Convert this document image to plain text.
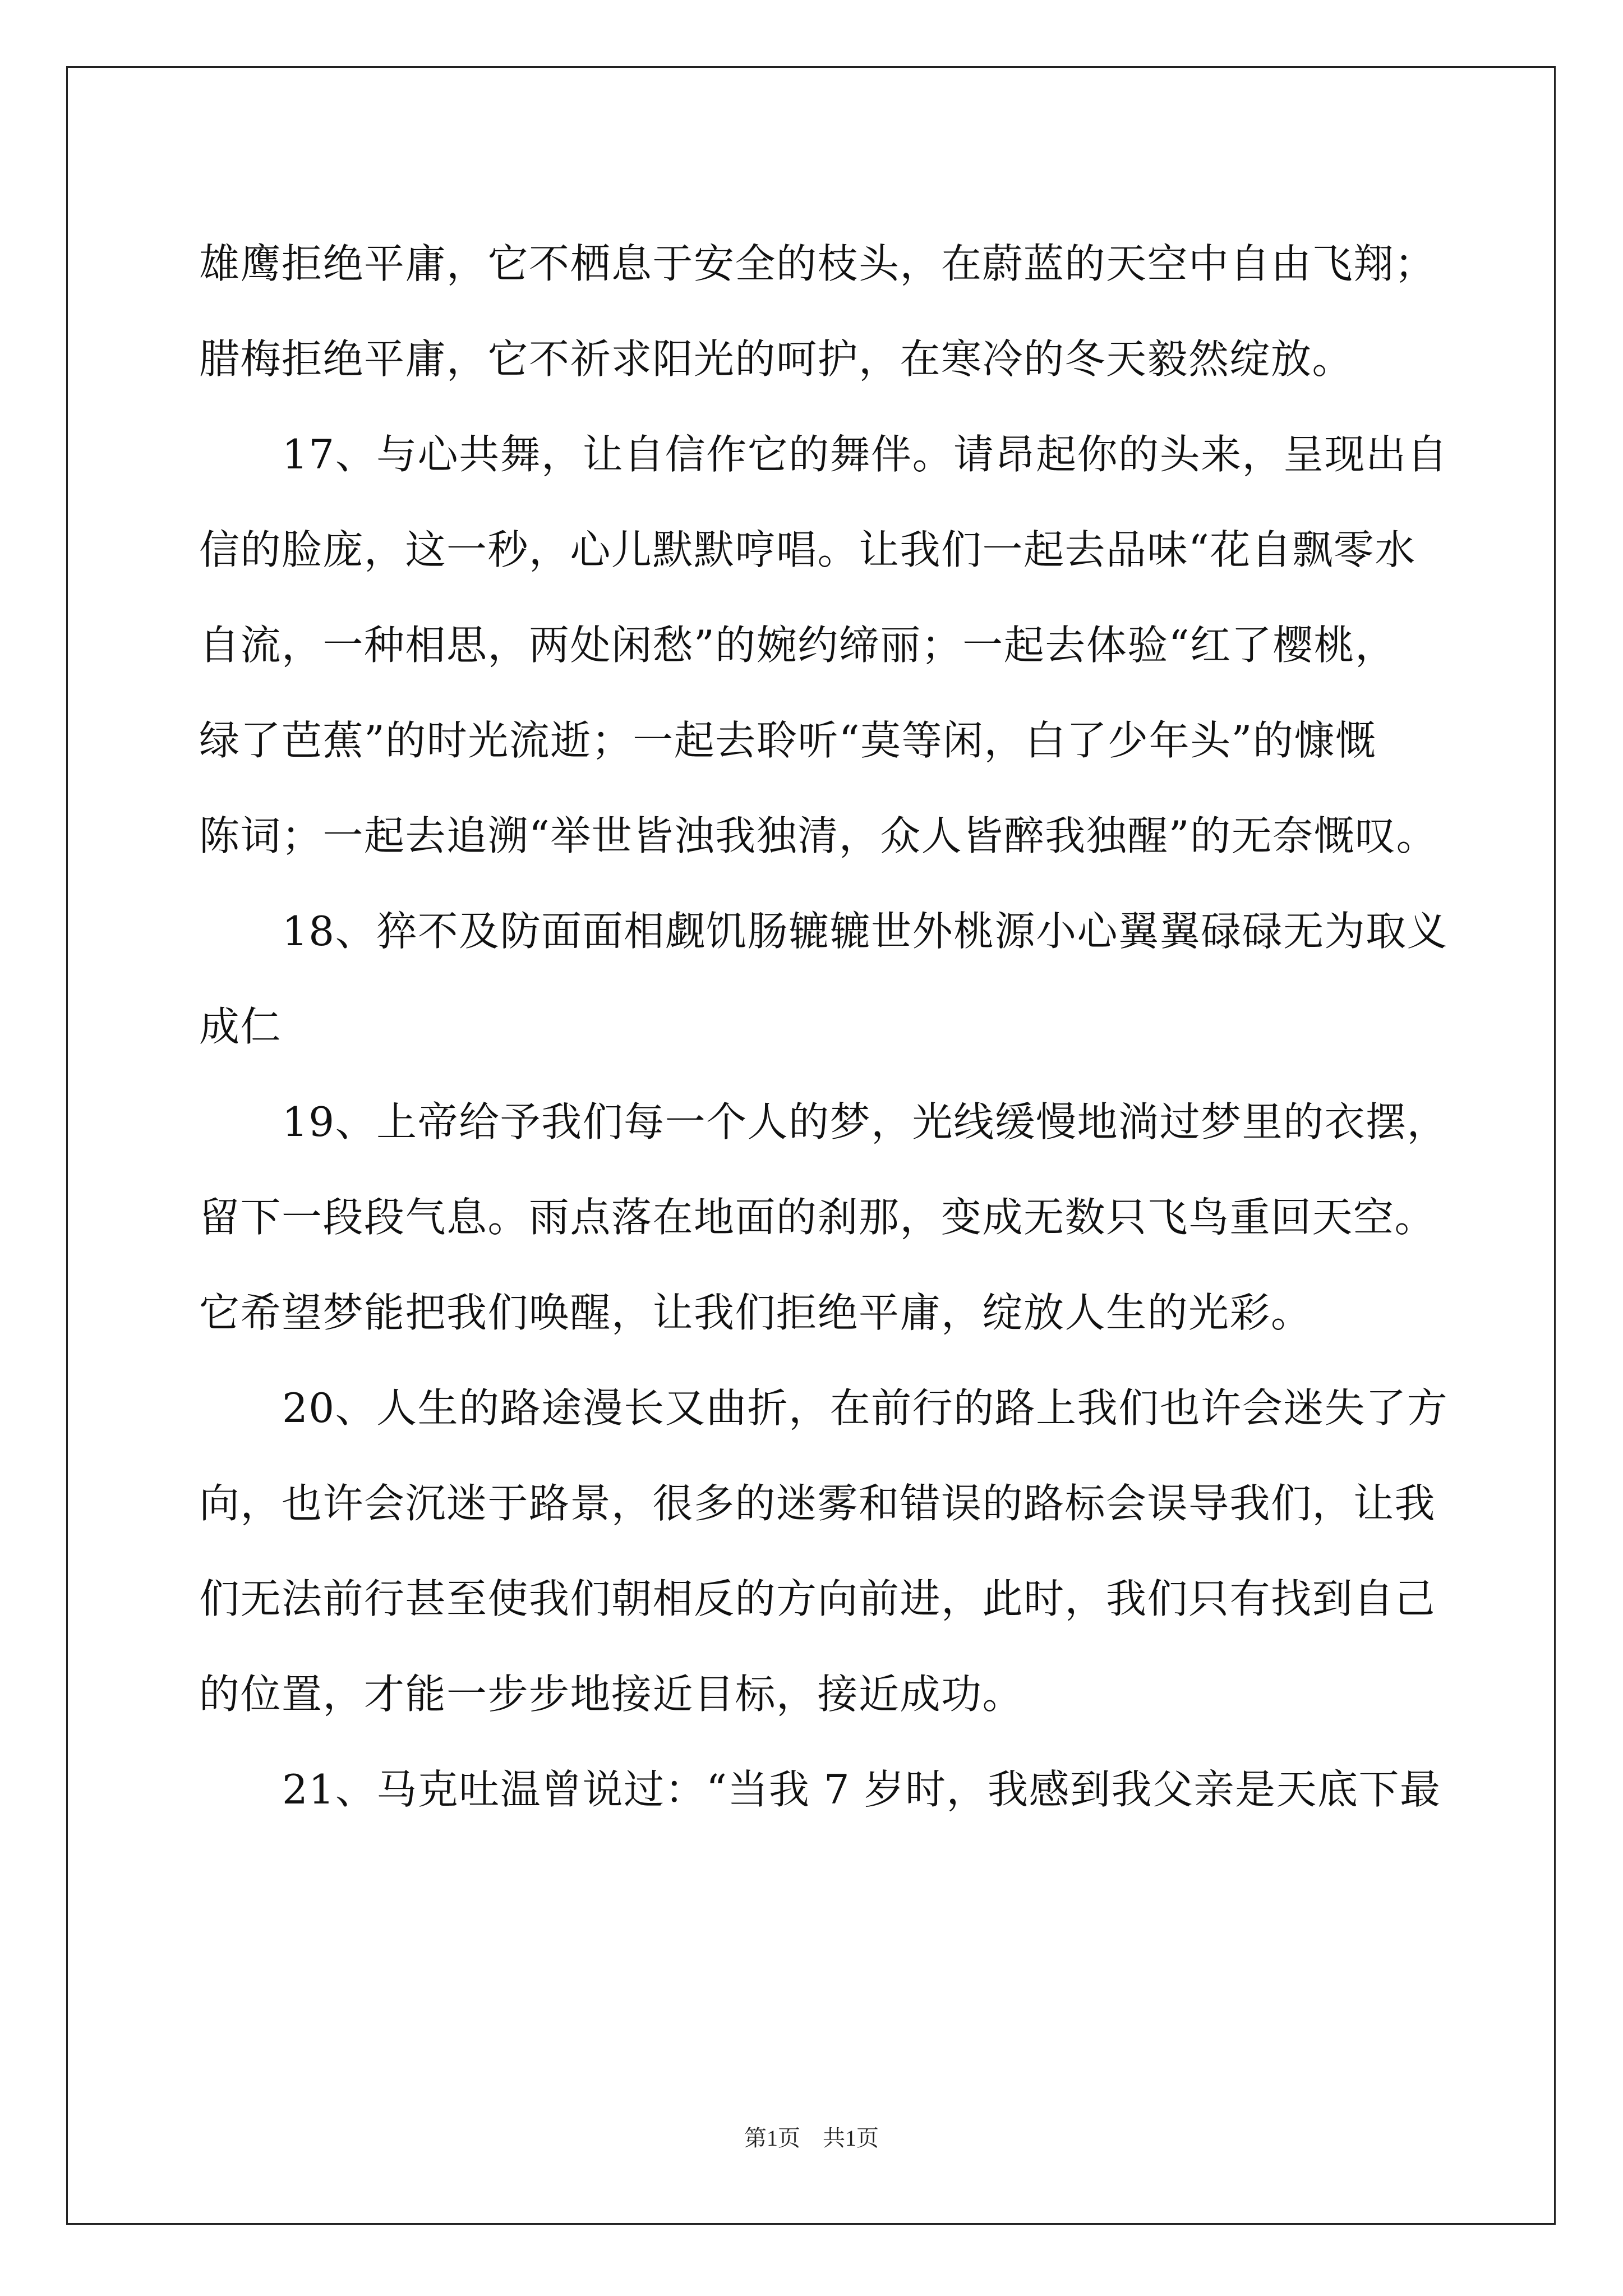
雄鹰拒绝平庸，它不栖息于安全的枝头，在蔚蓝的天空中自由飞翔；
腊梅拒绝平庸，它不祈求阳光的呵护，在寒冷的冬天毅然绽放。
17、与心共舞，让自信作它的舞伴。请昂起你的头来，呈现出自
信的脸庞，这一秒，心儿默默哼唱。让我们一起去品味“花自飘零水
自流，一种相思，两处闲愁”的婉约缔丽；一起去体验“红了樱桃，
绿了芭蕉”的时光流逝；一起去聆听“莫等闲，白了少年头”的慷慨
陈词；一起去追溯“举世皆浊我独清，众人皆醉我独醒”的无奈慨叹。
18、猝不及防面面相觑饥肠辘辘世外桃源小心翼翼碌碌无为取义
成仁
19、上帝给予我们每一个人的梦，光线缓慢地淌过梦里的衣摆，
留下一段段气息。雨点落在地面的刹那，变成无数只飞鸟重回天空。
它希望梦能把我们唤醒，让我们拒绝平庸，绽放人生的光彩。
20、人生的路途漫长又曲折，在前行的路上我们也许会迷失了方
向，也许会沉迷于路景，很多的迷雾和错误的路标会误导我们，让我
们无法前行甚至使我们朝相反的方向前进，此时，我们只有找到自己
的位置，才能一步步地接近目标，接近成功。
21、马克吐温曾说过：“当我 7 岁时，我感到我父亲是天底下最
第1页　共1页
